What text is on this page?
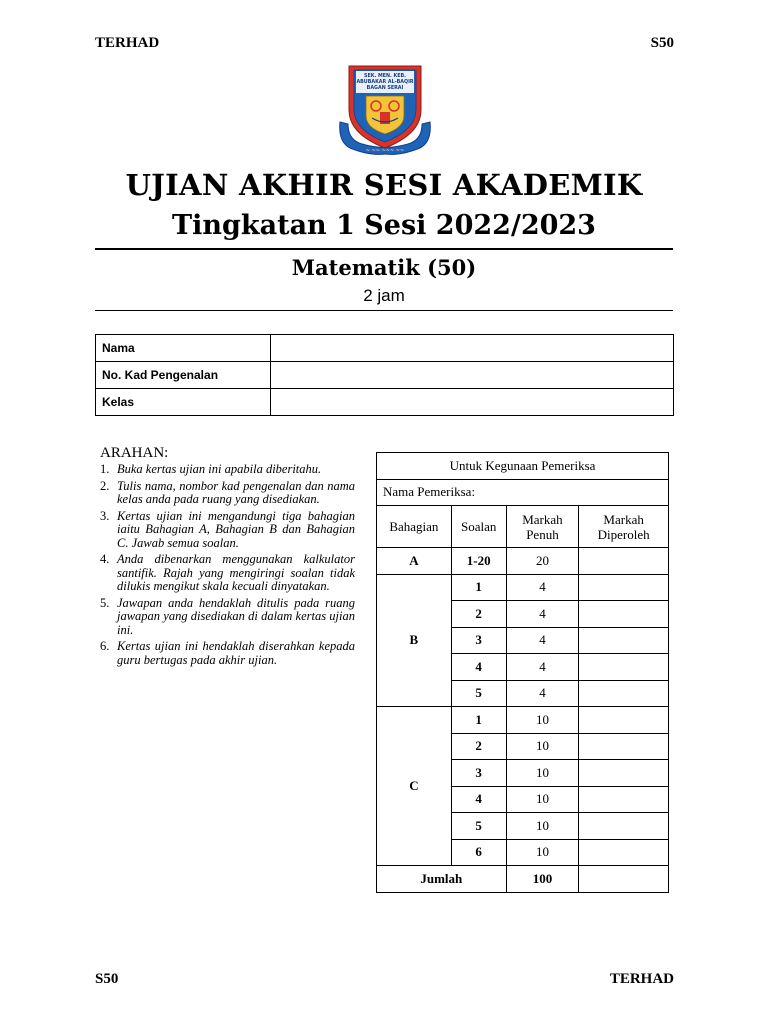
TERHAD	S50
S50	TERHAD
~ ~~ ~~~ ~~
SEK. MEN. KEB.
ABUBAKAR AL-BAQIR
BAGAN SERAI
UJIAN AKHIR SESI AKADEMIK
Tingkatan 1 Sesi 2022/2023
Matematik (50)
2 jam
Nama	
No. Kad Pengenalan	
Kelas	
ARAHAN:
1. Buka kertas ujian ini apabila diberitahu.
2. Tulis nama, nombor kad pengenalan dan nama kelas anda pada ruang yang disediakan.
3. Kertas ujian ini mengandungi tiga bahagian iaitu Bahagian A, Bahagian B dan Bahagian C. Jawab semua soalan.
4. Anda dibenarkan menggunakan kalkulator santifik. Rajah yang mengiringi soalan tidak dilukis mengikut skala kecuali dinyatakan.
5. Jawapan anda hendaklah ditulis pada ruang jawapan yang disediakan di dalam kertas ujian ini.
6. Kertas ujian ini hendaklah diserahkan kepada guru bertugas pada akhir ujian.
Untuk Kegunaan Pemeriksa			
Nama Pemeriksa:			
Bahagian	Soalan	Markah Penuh	Markah Diperoleh
A	1-20	20	
B	1	4	
	2	4	
	3	4	
	4	4	
	5	4	
C	1	10	
	2	10	
	3	10	
	4	10	
	5	10	
	6	10	
Jumlah		100	
